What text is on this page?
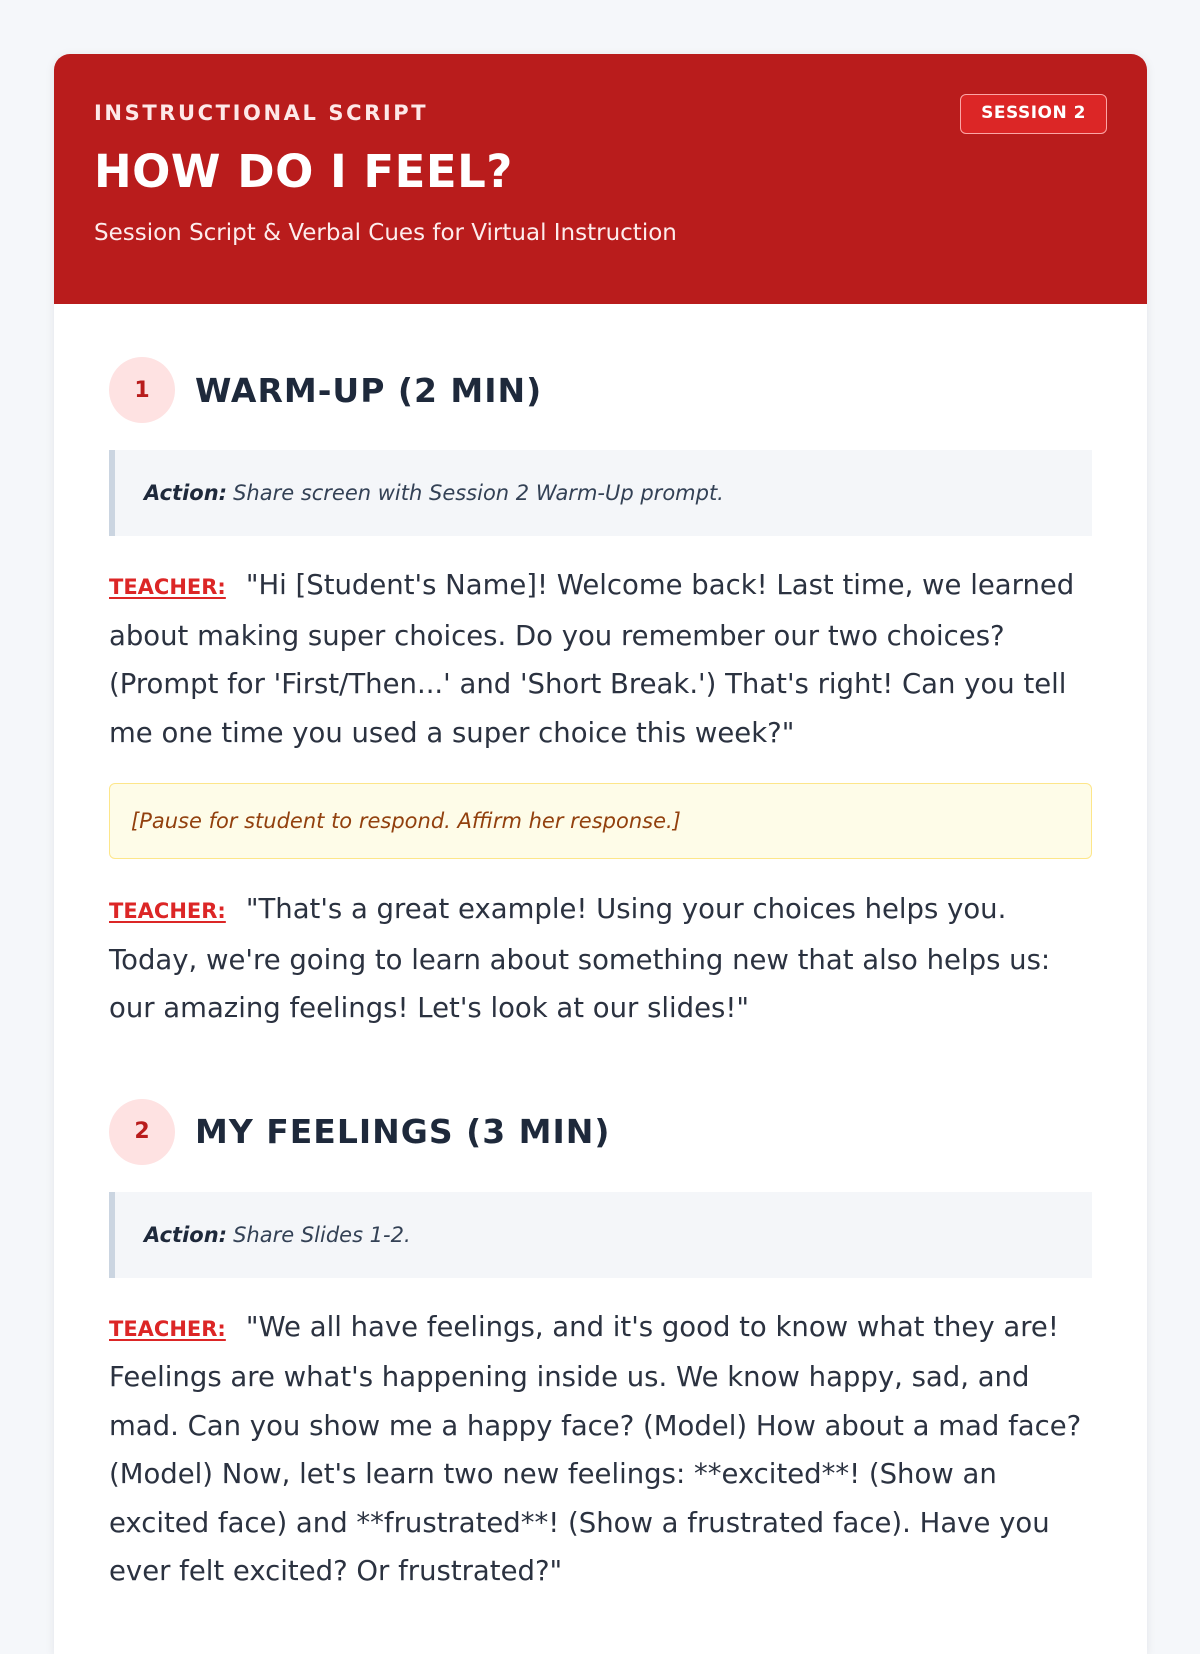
INSTRUCTIONAL SCRIPT

HOW DO I FEEL?

Session Script & Verbal Cues for Virtual Instruction

SESSION 2
1	WARM-UP (2 MIN)
Action: Share screen with Session 2 Warm-Up prompt.

TEACHER: "Hi [Student's Name]! Welcome back! Last time, we learned about making super choices. Do you remember our two choices? (Prompt for 'First/Then...' and 'Short Break.') That's right! Can you tell me one time you used a super choice this week?"

[Pause for student to respond. Affirm her response.]

TEACHER: "That's a great example! Using your choices helps you. Today, we're going to learn about something new that also helps us: our amazing feelings! Let's look at our slides!"

2	MY FEELINGS (3 MIN)
Action: Share Slides 1-2.

TEACHER: "We all have feelings, and it's good to know what they are! Feelings are what's happening inside us. We know happy, sad, and mad. Can you show me a happy face? (Model) How about a mad face? (Model) Now, let's learn two new feelings: **excited**! (Show an excited face) and **frustrated**! (Show a frustrated face). Have you ever felt excited? Or frustrated?"
